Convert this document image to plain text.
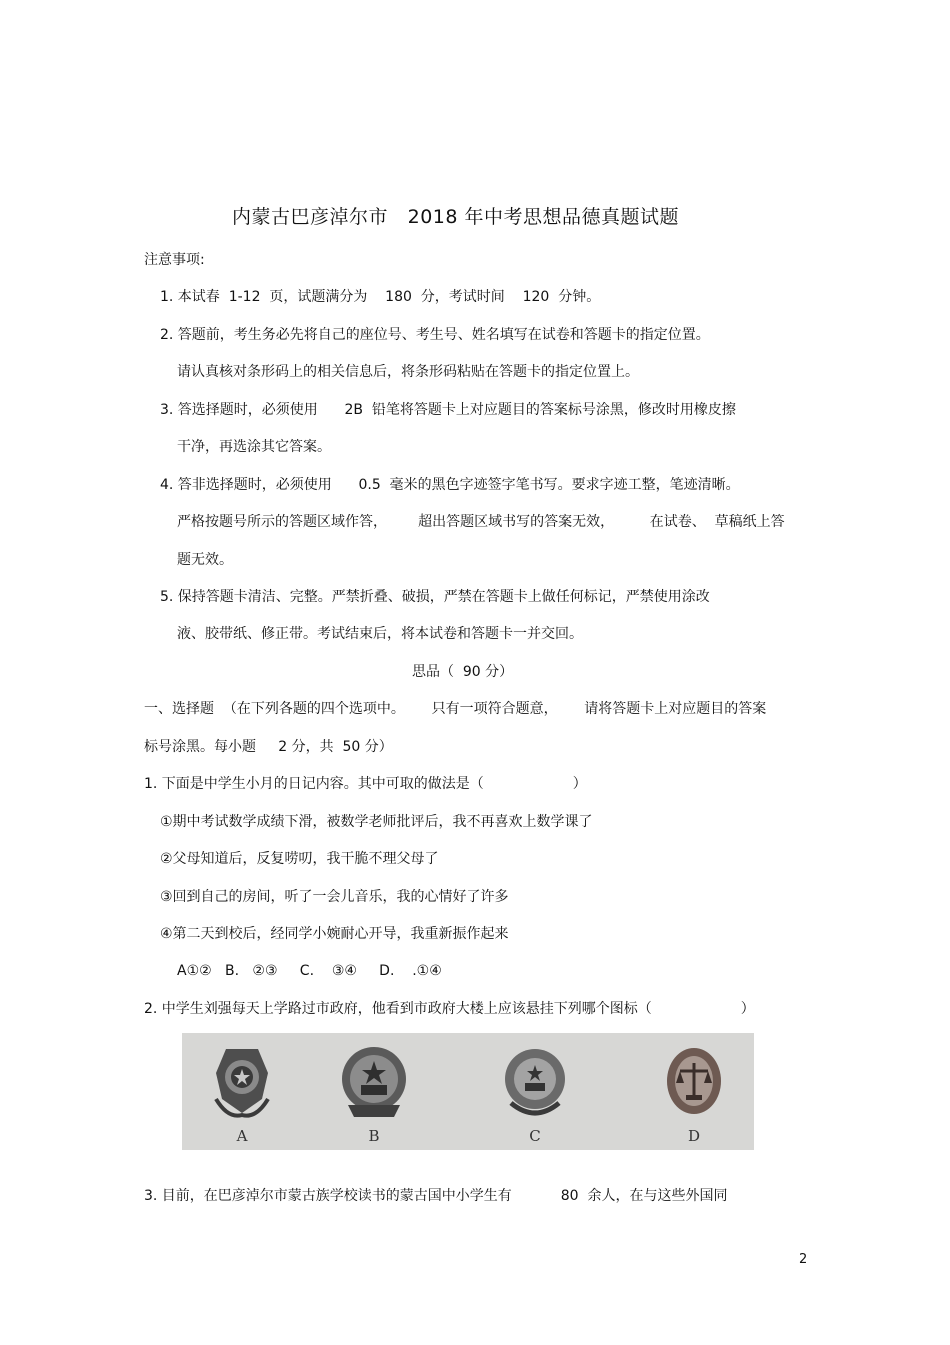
内蒙古巴彦淖尔市   2018 年中考思想品德真题试题
注意事项:
1. 本试春  1-12  页，试题满分为    180  分，考试时间    120  分钟。
2. 答题前，考生务必先将自己的座位号、考生号、姓名填写在试卷和答题卡的指定位置。
请认真核对条形码上的相关信息后，将条形码粘贴在答题卡的指定位置上。
3. 答选择题时，必须使用      2B  铅笔将答题卡上对应题目的答案标号涂黑，修改时用橡皮擦
干净，再选涂其它答案。
4. 答非选择题时，必须使用      0.5  毫米的黑色字迹签字笔书写。要求字迹工整，笔迹清晰。
严格按题号所示的答题区域作答，       超出答题区域书写的答案无效，        在试卷、  草稿纸上答
题无效。
5. 保持答题卡清洁、完整。严禁折叠、破损，严禁在答题卡上做任何标记，严禁使用涂改
液、胶带纸、修正带。考试结束后，将本试卷和答题卡一并交回。
思品（  90 分）
一、选择题  （在下列各题的四个选项中。      只有一项符合题意，      请将答题卡上对应题目的答案
标号涂黑。每小题     2 分，共  50 分）
1. 下面是中学生小月的日记内容。其中可取的做法是（                    ）
①期中考试数学成绩下滑，被数学老师批评后，我不再喜欢上数学课了
②父母知道后，反复唠叨，我干脆不理父母了
③回到自己的房间，听了一会儿音乐，我的心情好了许多
④第二天到校后，经同学小婉耐心开导，我重新振作起来
A①②   B.   ②③     C.    ③④     D.    .①④
2. 中学生刘强每天上学路过市政府，他看到市政府大楼上应该悬挂下列哪个图标（                    ）
A	B	C	D
3. 目前，在巴彦淖尔市蒙古族学校读书的蒙古国中小学生有           80  余人，在与这些外国同
2
